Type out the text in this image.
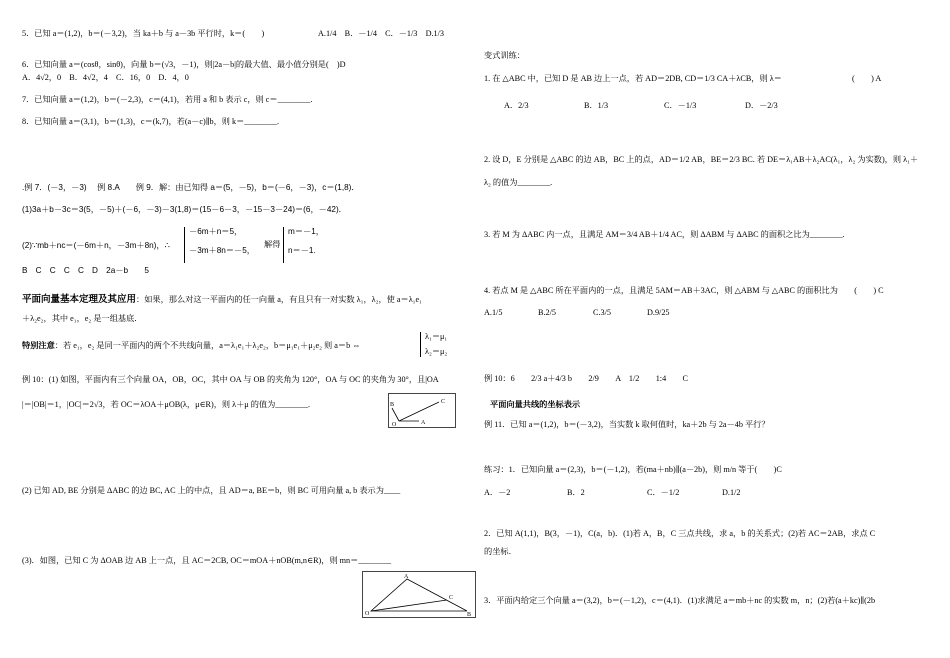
5．已知 a＝(1,2)，b＝(－3,2)，当 ka＋b 与 a－3b 平行时，k＝(　　)	A.1/4　B．－1/4　C．－1/3　D.1/3
6．已知向量 a＝(cosθ，sinθ)，向量 b＝(√3，－1)，则|2a－b|的最大值、最小值分别是(　)D
A．4√2，0　B．4√2，4　C．16，0　D．4，0
7．已知向量 a＝(1,2)，b＝(－2,3)，c＝(4,1)，若用 a 和 b 表示 c，则 c＝________.
8．已知向量 a＝(3,1)，b＝(1,3)，c＝(k,7)，若(a－c)∥b，则 k＝________.
.例 7．(－3，－3)　 例 8.A　　例 9．解：由已知得 a＝(5，－5)，b＝(－6，－3)，c＝(1,8)．
(1)3a＋b－3c＝3(5，－5)＋(－6，－3)－3(1,8)＝(15－6－3，－15－3－24)＝(6，－42)．
(2)∵mb＋nc＝(－6m＋n，－3m＋8n)，∴
－6m＋n＝5，
－3m＋8n＝－5，
解得
m＝－1，
n＝－1.
B　C　C　C　C　D　2a－b　　5
平面向量基本定理及其应用：如果，那么对这一平面内的任一向量 a，有且只有一对实数 λ₁，λ₂，使 a＝λ₁e₁
＋λ₂e₂，其中 e₁，e₂ 是一组基底．
特别注意：若 e₁，e₂ 是同一平面内的两个不共线向量，a＝λ₁e₁＋λ₂e₂，b＝μ₁e₁＋μ₂e₂ 则 a＝b ⇔
λ₁＝μ₁
λ₂＝μ₂
例 10：(1) 如图，平面内有三个向量 OA，OB，OC，其中 OA 与 OB 的夹角为 120°，OA 与 OC 的夹角为 30°，且|OA
|＝|OB|＝1，|OC|＝2√3，若 OC＝λOA＋μOB(λ，μ∈R)，则 λ＋μ 的值为________.	C
B
O	A
(2) 已知 AD, BE 分别是 ΔABC 的边 BC, AC 上的中点，且 AD＝a, BE＝b，则 BC 可用向量 a, b 表示为____
(3)．如图，已知 C 为 ΔOAB 边 AB 上一点，且 AC＝2CB, OC＝mOA＋nOB(m,n∈R)，则 mn＝________
A
C
O	B
变式训练：
1. 在 △ABC 中，已知 D 是 AB 边上一点，若 AD＝2DB, CD＝1/3 CA＋λCB，则 λ＝	(　　) A
A．2/3	B．1/3	C．－1/3	D．－2/3
2. 设 D，E 分别是 △ABC 的边 AB，BC 上的点，AD＝1/2 AB，BE＝2/3 BC. 若 DE＝λ₁AB＋λ₂AC(λ₁，λ₂ 为实数)，则 λ₁＋
λ₂ 的值为________.
3. 若 M 为 ΔABC 内一点，且满足 AM＝3/4 AB＋1/4 AC，则 ΔABM 与 ΔABC 的面积之比为________.
4. 若点 M 是 △ABC 所在平面内的一点，且满足 5AM＝AB＋3AC，则 △ABM 与 △ABC 的面积比为　　(　　) C
A.1/5	B.2/5	C.3/5	D.9/25
例 10：6　　2/3 a＋4/3 b　　2/9　　A　1/2　　1:4　　C
平面向量共线的坐标表示
例 11．已知 a＝(1,2)，b＝(－3,2)，当实数 k 取何值时，ka＋2b 与 2a－4b 平行？
练习：1．已知向量 a＝(2,3)，b＝(－1,2)，若(ma＋nb)∥(a－2b)，则 m/n 等于(　　)C
A．－2	B．2	C．－1/2	D.1/2
2．已知 A(1,1)，B(3，－1)，C(a，b)．(1)若 A，B，C 三点共线，求 a，b 的关系式；(2)若 AC＝2AB，求点 C
的坐标．
3．平面内给定三个向量 a＝(3,2)，b＝(－1,2)，c＝(4,1)．(1)求满足 a＝mb＋nc 的实数 m，n；(2)若(a＋kc)∥(2b
